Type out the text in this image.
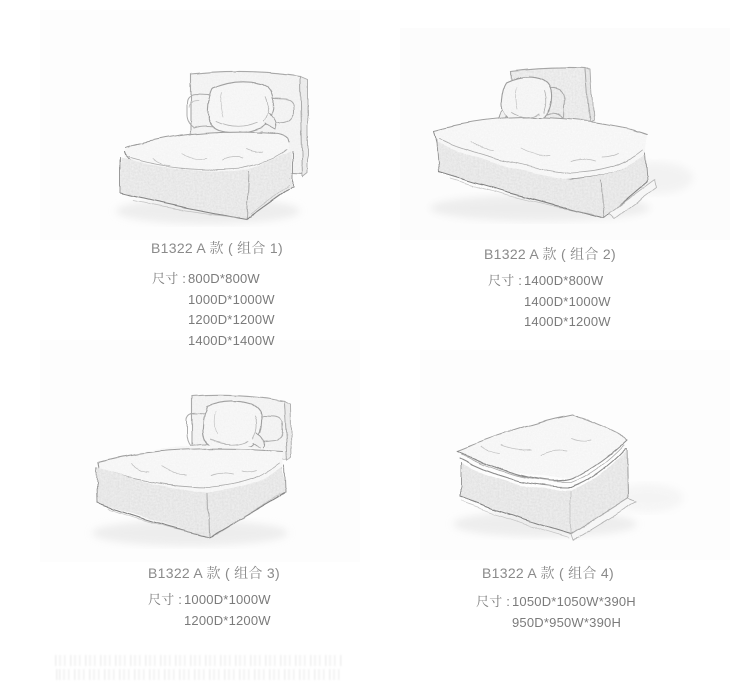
B1322 A 款 ( 组合 1)	B1322 A 款 ( 组合 2)
B1322 A 款 ( 组合 3)	B1322 A 款 ( 组合 4)
尺寸 : 800D*800W
1000D*1000W
1200D*1200W
1400D*1400W
尺寸 : 1400D*800W
1400D*1000W
1400D*1200W
尺寸 : 1000D*1000W
1200D*1200W
尺寸 : 1050D*1050W*390H
950D*950W*390H
